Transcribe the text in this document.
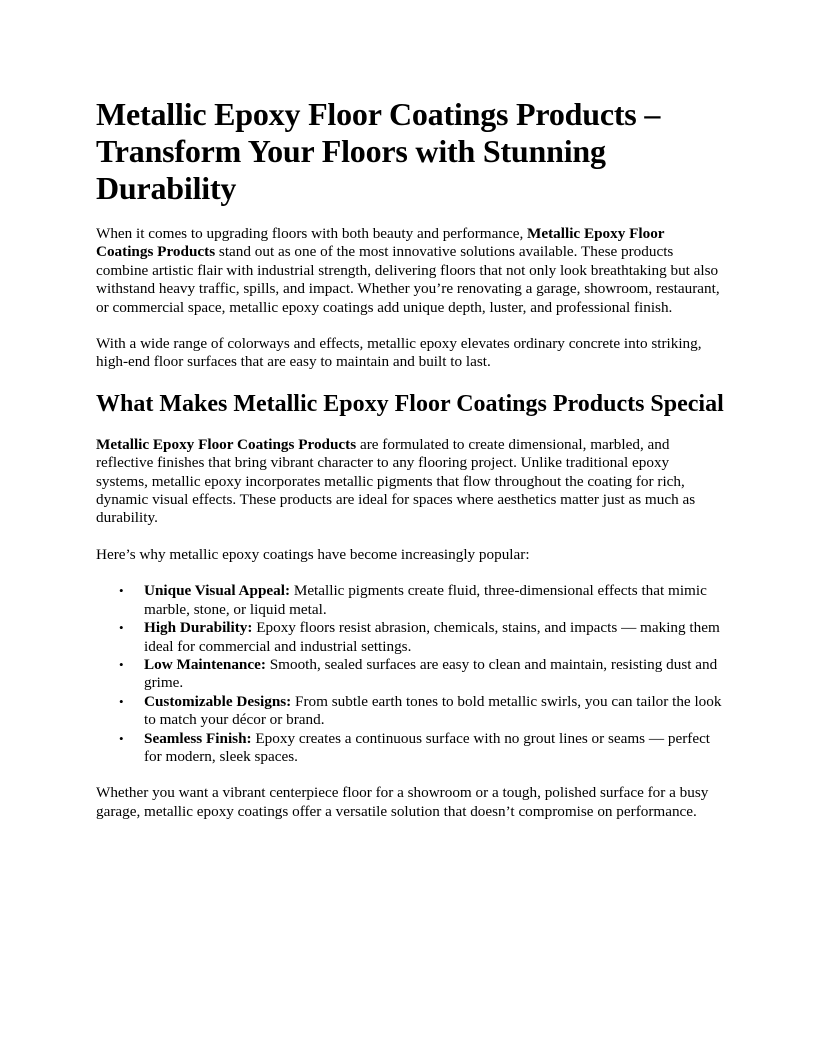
Metallic Epoxy Floor Coatings Products – Transform Your Floors with Stunning Durability

When it comes to upgrading floors with both beauty and performance, Metallic Epoxy Floor Coatings Products stand out as one of the most innovative solutions available. These products combine artistic flair with industrial strength, delivering floors that not only look breathtaking but also withstand heavy traffic, spills, and impact. Whether you’re renovating a garage, showroom, restaurant, or commercial space, metallic epoxy coatings add unique depth, luster, and professional finish.

With a wide range of colorways and effects, metallic epoxy elevates ordinary concrete into striking, high-end floor surfaces that are easy to maintain and built to last.

What Makes Metallic Epoxy Floor Coatings Products Special

Metallic Epoxy Floor Coatings Products are formulated to create dimensional, marbled, and reflective finishes that bring vibrant character to any flooring project. Unlike traditional epoxy systems, metallic epoxy incorporates metallic pigments that flow throughout the coating for rich, dynamic visual effects. These products are ideal for spaces where aesthetics matter just as much as durability.

Here’s why metallic epoxy coatings have become increasingly popular:

• Unique Visual Appeal: Metallic pigments create fluid, three-dimensional effects that mimic marble, stone, or liquid metal.
• High Durability: Epoxy floors resist abrasion, chemicals, stains, and impacts — making them ideal for commercial and industrial settings.
• Low Maintenance: Smooth, sealed surfaces are easy to clean and maintain, resisting dust and grime.
• Customizable Designs: From subtle earth tones to bold metallic swirls, you can tailor the look to match your décor or brand.
• Seamless Finish: Epoxy creates a continuous surface with no grout lines or seams — perfect for modern, sleek spaces.

Whether you want a vibrant centerpiece floor for a showroom or a tough, polished surface for a busy garage, metallic epoxy coatings offer a versatile solution that doesn’t compromise on performance.
